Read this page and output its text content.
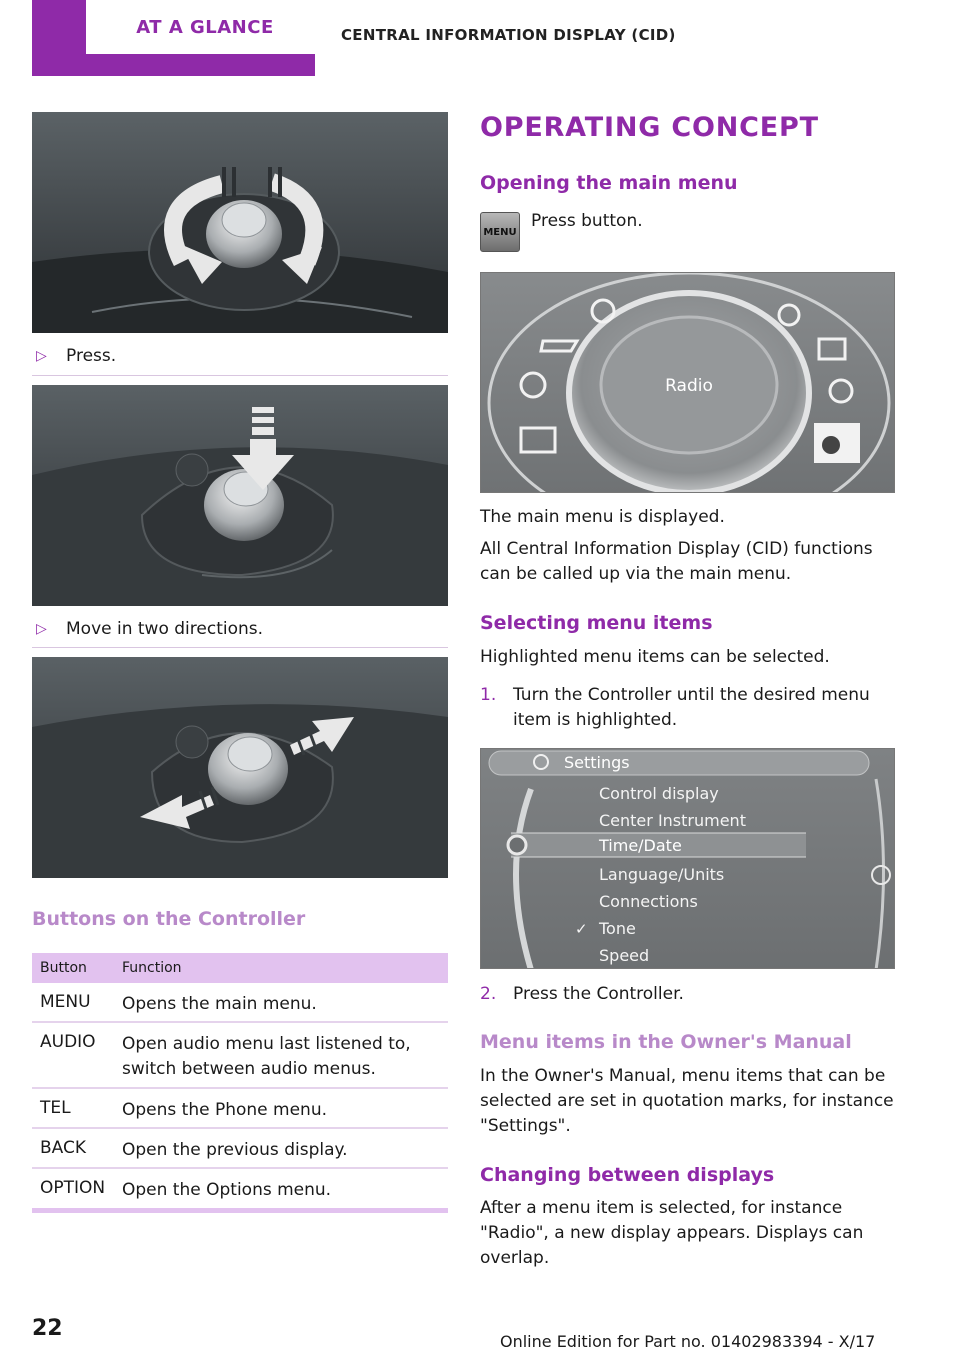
AT A GLANCE	CENTRAL INFORMATION DISPLAY (CID)
▷	Press.
▷	Move in two directions.
Buttons on the Controller
Button	Function
MENU Opens the main menu.
AUDIO Open audio menu last listened to, switch between audio menus.
TEL	Opens the Phone menu.
BACK Open the previous display.
OPTION Open the Options menu.
OPERATING CONCEPT
Opening the main menu
MENU
Press button.
Radio
The main menu is displayed.
All Central Information Display (CID) functions can be called up via the main menu.
Selecting menu items
Highlighted menu items can be selected.
1. Turn the Controller until the desired menu item is highlighted.
Settings
Control display
Center Instrument
Time/Date
Language/Units
Connections
✓ Tone
Speed
2. Press the Controller.
Menu items in the Owner's Manual
In the Owner's Manual, menu items that can be selected are set in quotation marks, for instance "Settings".
Changing between displays
After a menu item is selected, for instance "Radio", a new display appears. Displays can overlap.
22
Online Edition for Part no. 01402983394 - X/17
